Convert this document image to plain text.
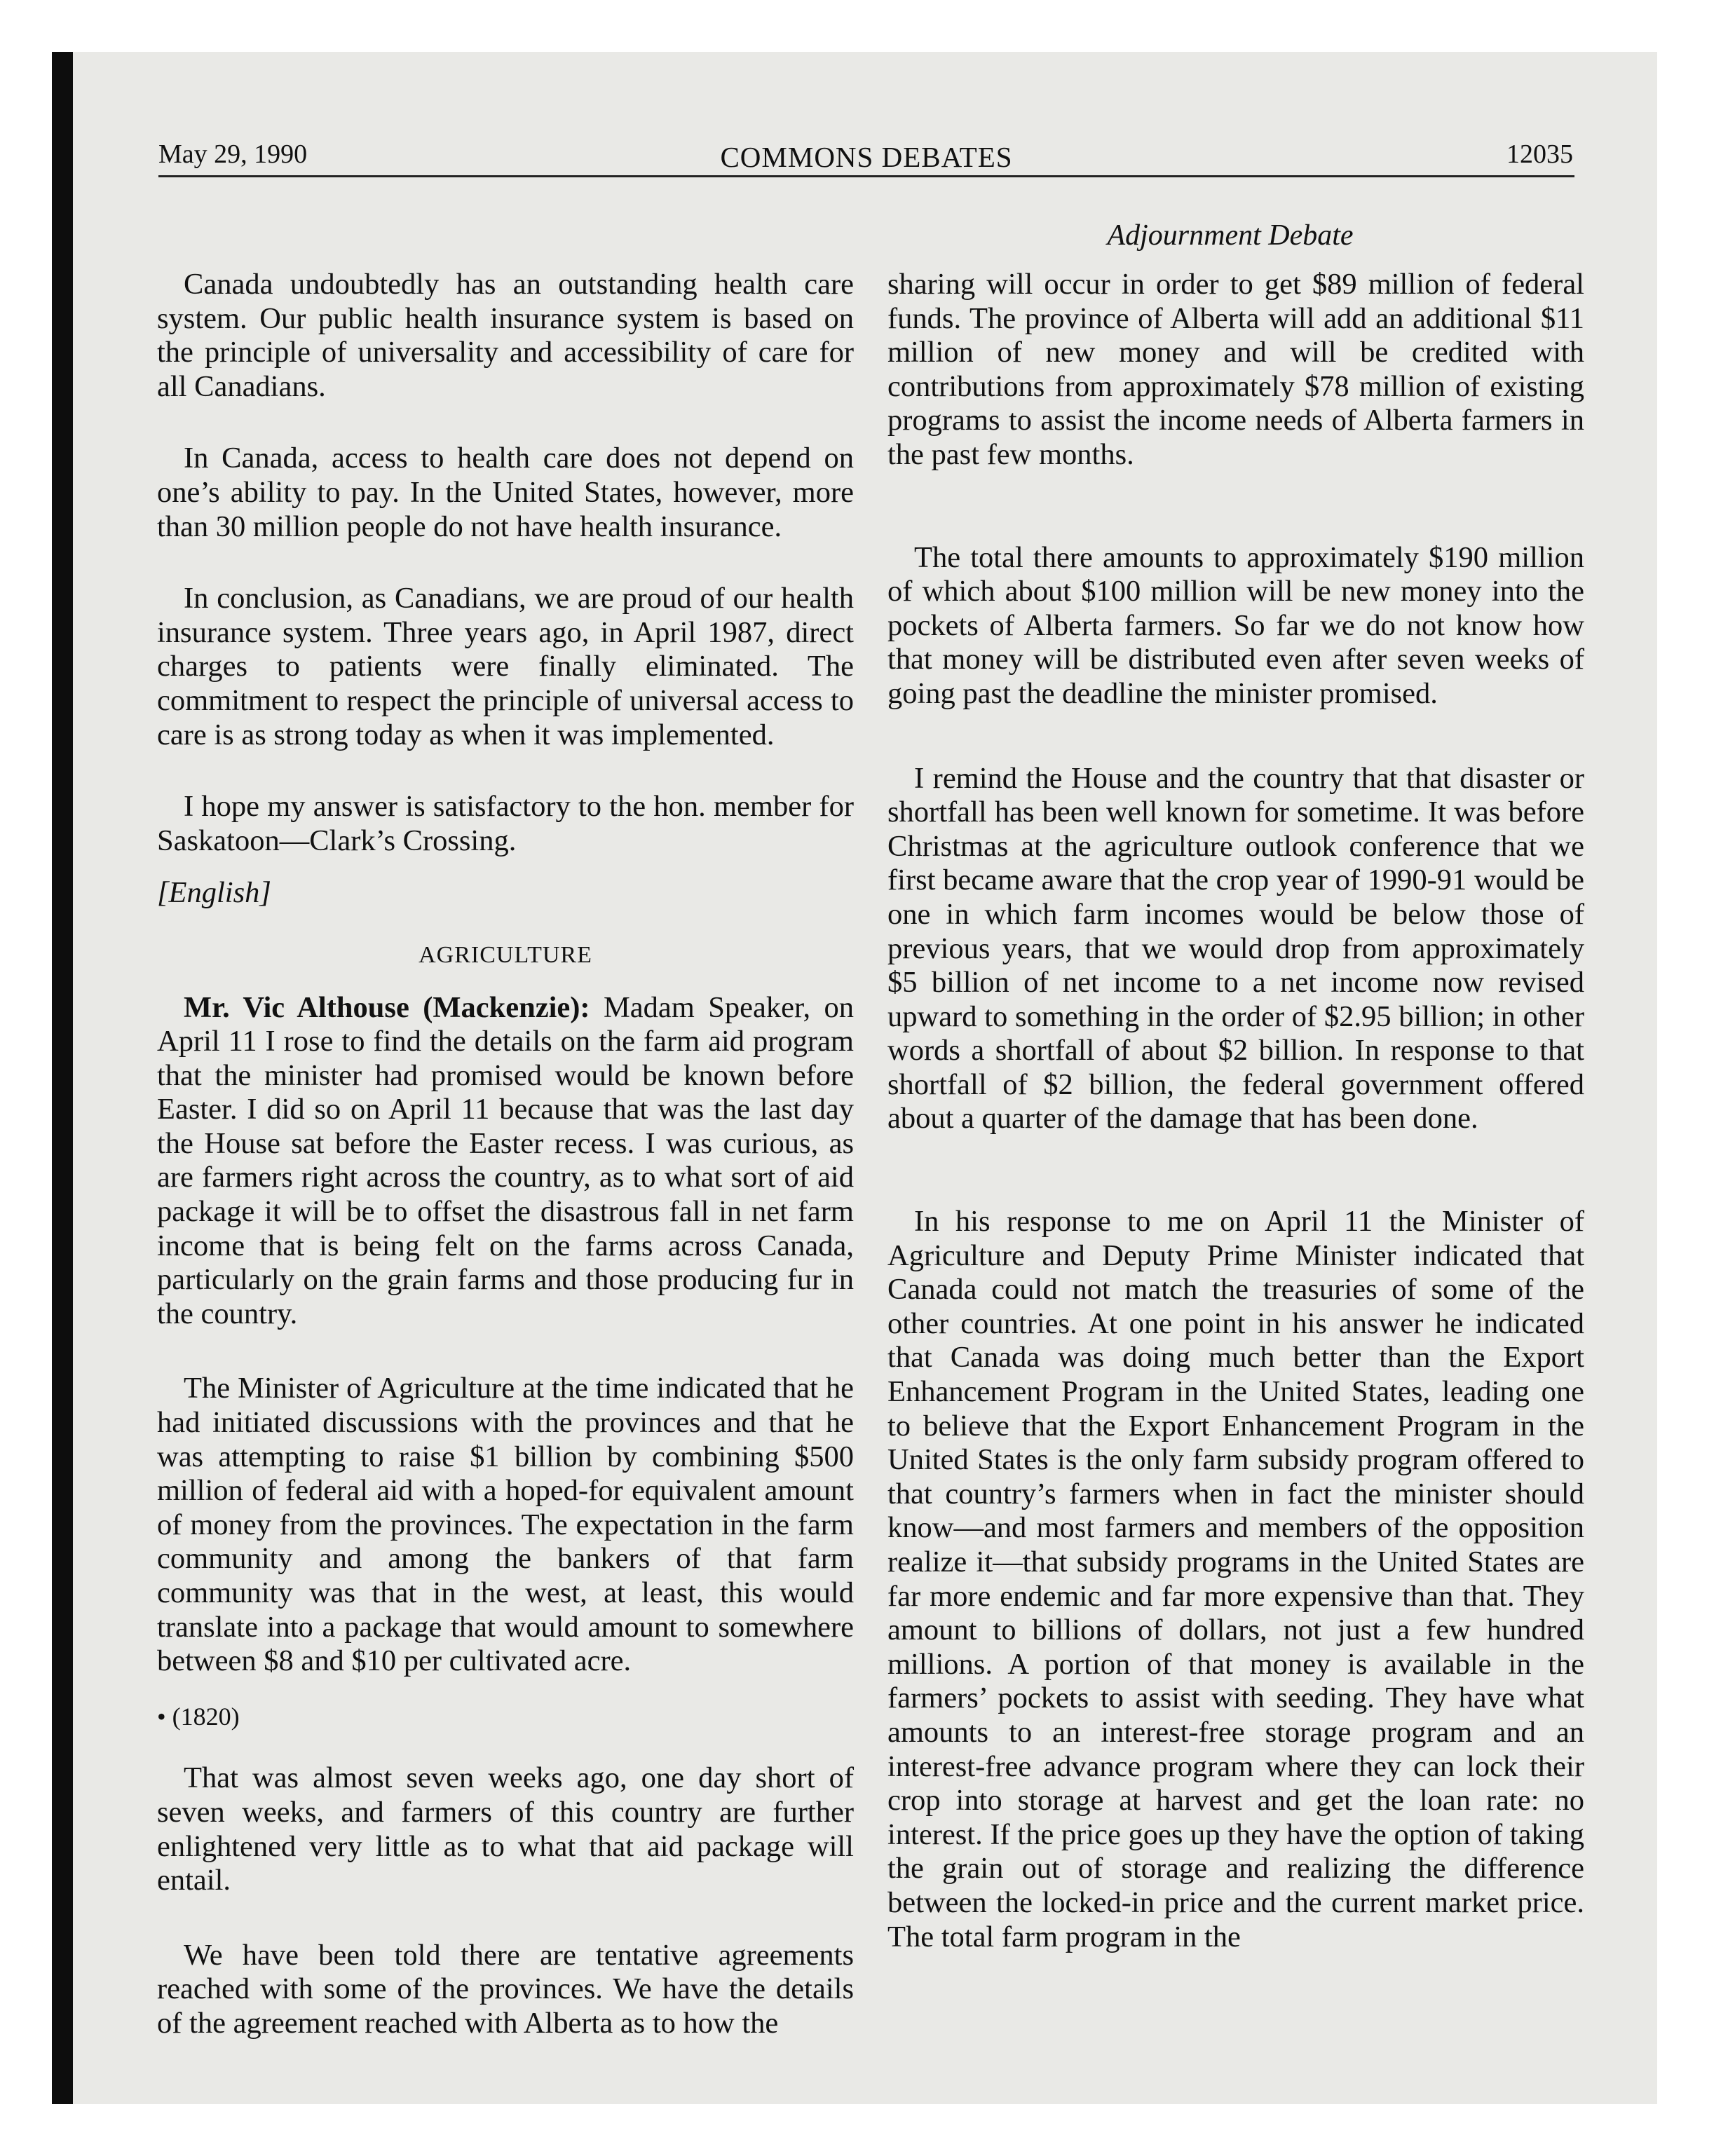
May 29, 1990	COMMONS DEBATES	12035
Adjournment Debate

Canada undoubtedly has an outstanding health care system. Our public health insurance system is based on the principle of universality and accessibility of care for all Canadians.

In Canada, access to health care does not depend on one’s ability to pay. In the United States, however, more than 30 million people do not have health insurance.

In conclusion, as Canadians, we are proud of our health insurance system. Three years ago, in April 1987, direct charges to patients were finally eliminated. The commitment to respect the principle of universal access to care is as strong today as when it was implemented.

I hope my answer is satisfactory to the hon. member for Saskatoon—Clark’s Crossing.

[English]

AGRICULTURE

Mr. Vic Althouse (Mackenzie): Madam Speaker, on April 11 I rose to find the details on the farm aid program that the minister had promised would be known before Easter. I did so on April 11 because that was the last day the House sat before the Easter recess. I was curious, as are farmers right across the country, as to what sort of aid package it will be to offset the disastrous fall in net farm income that is being felt on the farms across Canada, particularly on the grain farms and those producing fur in the country.

The Minister of Agriculture at the time indicated that he had initiated discussions with the provinces and that he was attempting to raise $1 billion by combining $500 million of federal aid with a hoped-for equivalent amount of money from the provinces. The expectation in the farm community and among the bankers of that farm community was that in the west, at least, this would translate into a package that would amount to somewhere between $8 and $10 per cultivated acre.

• (1820)

That was almost seven weeks ago, one day short of seven weeks, and farmers of this country are further enlightened very little as to what that aid package will entail.

We have been told there are tentative agreements reached with some of the provinces. We have the details of the agreement reached with Alberta as to how the

sharing will occur in order to get $89 million of federal funds. The province of Alberta will add an additional $11 million of new money and will be credited with contributions from approximately $78 million of existing programs to assist the income needs of Alberta farmers in the past few months.

The total there amounts to approximately $190 million of which about $100 million will be new money into the pockets of Alberta farmers. So far we do not know how that money will be distributed even after seven weeks of going past the deadline the minister promised.

I remind the House and the country that that disaster or shortfall has been well known for sometime. It was before Christmas at the agriculture outlook conference that we first became aware that the crop year of 1990-91 would be one in which farm incomes would be below those of previous years, that we would drop from approximately $5 billion of net income to a net income now revised upward to something in the order of $2.95 billion; in other words a shortfall of about $2 billion. In response to that shortfall of $2 billion, the federal government offered about a quarter of the damage that has been done.

In his response to me on April 11 the Minister of Agriculture and Deputy Prime Minister indicated that Canada could not match the treasuries of some of the other countries. At one point in his answer he indicated that Canada was doing much better than the Export Enhancement Program in the United States, leading one to believe that the Export Enhancement Program in the United States is the only farm subsidy program offered to that country’s farmers when in fact the minister should know—and most farmers and members of the opposition realize it—that subsidy programs in the United States are far more endemic and far more expensive than that. They amount to billions of dollars, not just a few hundred millions. A portion of that money is available in the farmers’ pockets to assist with seeding. They have what amounts to an interest-free storage program and an interest-free advance program where they can lock their crop into storage at harvest and get the loan rate: no interest. If the price goes up they have the option of taking the grain out of storage and realizing the difference between the locked-in price and the current market price. The total farm program in the
